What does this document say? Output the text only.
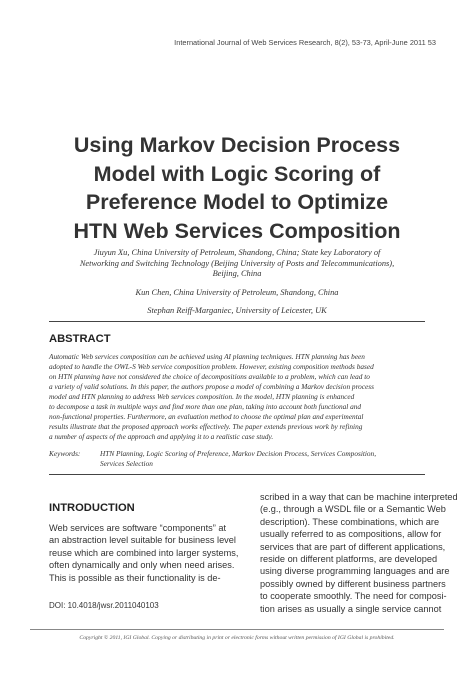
International Journal of Web Services Research, 8(2), 53-73, April-June 2011 53
Using Markov Decision Process
Model with Logic Scoring of
Preference Model to Optimize
HTN Web Services Composition
Jiuyun Xu, China University of Petroleum, Shandong, China; State key Laboratory of
Networking and Switching Technology (Beijing University of Posts and Telecommunications),
Beijing, China
Kun Chen, China University of Petroleum, Shandong, China
Stephan Reiff-Marganiec, University of Leicester, UK
ABSTRACT
Automatic Web services composition can be achieved using AI planning techniques. HTN planning has been
adopted to handle the OWL-S Web service composition problem. However, existing composition methods based
on HTN planning have not considered the choice of decompositions available to a problem, which can lead to
a variety of valid solutions. In this paper, the authors propose a model of combining a Markov decision process
model and HTN planning to address Web services composition. In the model, HTN planning is enhanced
to decompose a task in multiple ways and find more than one plan, taking into account both functional and
non-functional properties. Furthermore, an evaluation method to choose the optimal plan and experimental
results illustrate that the proposed approach works effectively. The paper extends previous work by refining
a number of aspects of the approach and applying it to a realistic case study.
Keywords:	HTN Planning, Logic Scoring of Preference, Markov Decision Process, Services Composition,
Services Selection
INTRODUCTION
Web services are software “components” at
an abstraction level suitable for business level
reuse which are combined into larger systems,
often dynamically and only when need arises.
This is possible as their functionality is de-
scribed in a way that can be machine interpreted
(e.g., through a WSDL file or a Semantic Web
description). These combinations, which are
usually referred to as compositions, allow for
services that are part of different applications,
reside on different platforms, are developed
using diverse programming languages and are
possibly owned by different business partners
to cooperate smoothly. The need for composi-
tion arises as usually a single service cannot
DOI: 10.4018/jwsr.2011040103
Copyright © 2011, IGI Global. Copying or distributing in print or electronic forms without written permission of IGI Global is prohibited.
